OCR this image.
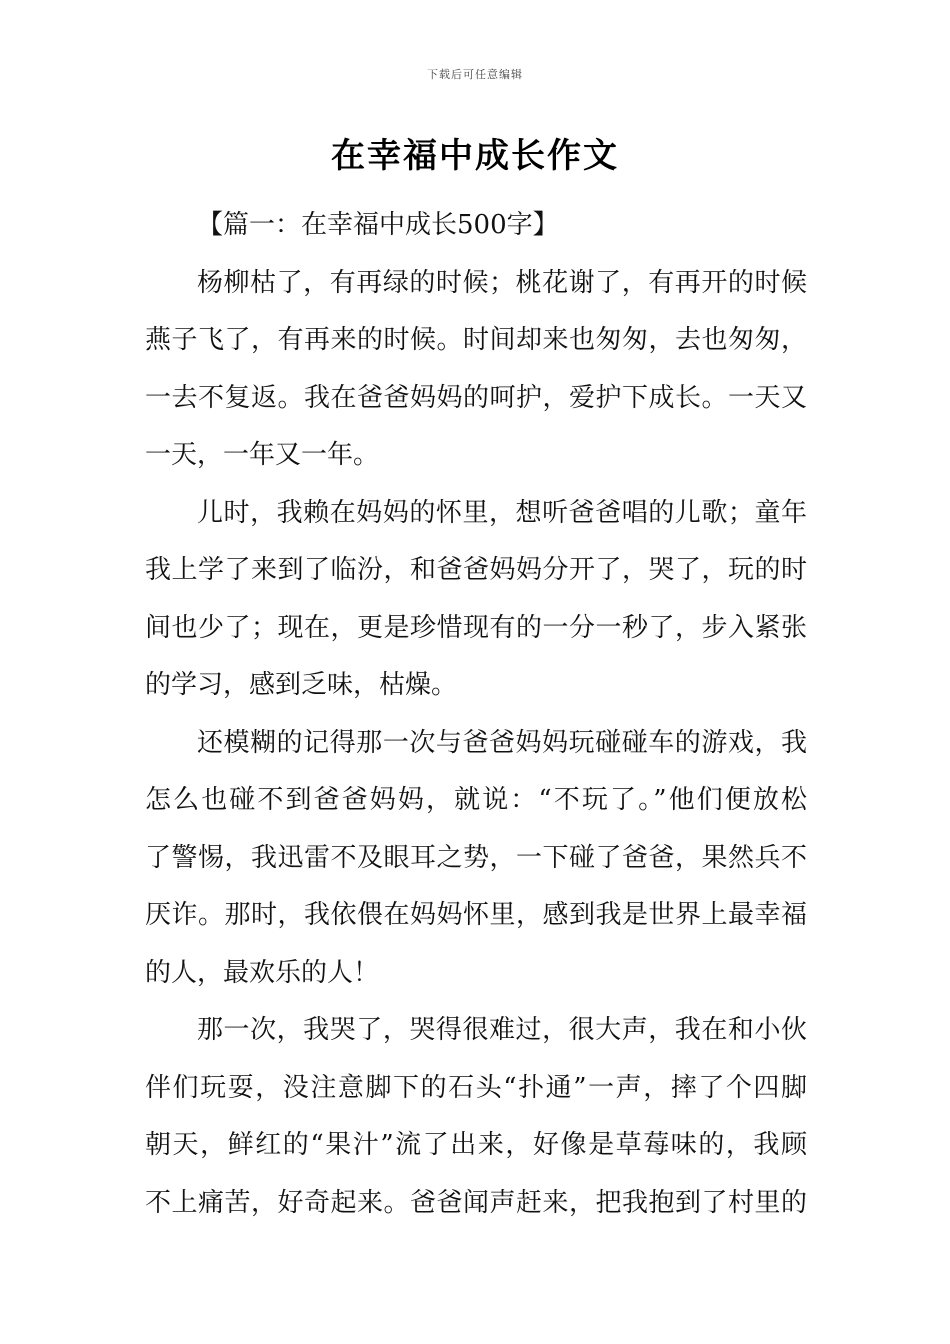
下载后可任意编辑
在幸福中成长作文
【篇一：在幸福中成长500字】
杨柳枯了，有再绿的时候；桃花谢了，有再开的时候
燕子飞了，有再来的时候。时间却来也匆匆，去也匆匆，
一去不复返。我在爸爸妈妈的呵护，爱护下成长。一天又
一天，一年又一年。
儿时，我赖在妈妈的怀里，想听爸爸唱的儿歌；童年
我上学了来到了临汾，和爸爸妈妈分开了，哭了，玩的时
间也少了；现在，更是珍惜现有的一分一秒了，步入紧张
的学习，感到乏味，枯燥。
还模糊的记得那一次与爸爸妈妈玩碰碰车的游戏，我
怎么也碰不到爸爸妈妈，就说：“不玩了。”他们便放松
了警惕，我迅雷不及眼耳之势，一下碰了爸爸，果然兵不
厌诈。那时，我依偎在妈妈怀里，感到我是世界上最幸福
的人，最欢乐的人！
那一次，我哭了，哭得很难过，很大声，我在和小伙
伴们玩耍，没注意脚下的石头“扑通”一声，摔了个四脚
朝天，鲜红的“果汁”流了出来，好像是草莓味的，我顾
不上痛苦，好奇起来。爸爸闻声赶来，把我抱到了村里的
